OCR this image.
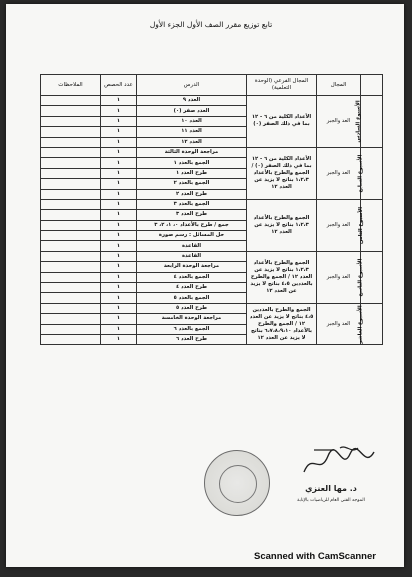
تابع توزيع مقرر الصف الأول الجزء الأول
	المجال	المجال الفرعي (الوحدة التعلمية)	الدرس	عدد الحصص	الملاحظات
الأسبوع السادس	العد والجبر	الأعداد الكلية من ٦ - ١٢ بما في ذلك الصفر (٠)	العدد ٩	١	
			العدد صفر (٠)	١	
			العدد ١٠	١	
			العدد ١١	١	
			العدد ١٢	١	
الأسبوع السابع	العد والجبر	الأعداد الكلية من ٦ - ١٢ بما في ذلك الصفر (٠) / الجمع والطرح بالأعداد ١،٢،٣ بناتج لا يزيد عن العدد ١٢	مراجعة الوحدة الثالثة	١	
			الجمع بالعدد ١	١	
			طرح العدد ١	١	
			الجمع بالعدد ٢	١	
			طرح العدد ٢	١	
الأسبوع الثامن	العد والجبر	الجمع والطرح بالأعداد ١،٢،٣ بناتج لا يزيد عن العدد ١٢	الجمع بالعدد ٣	١	
			طرح العدد ٣	١	
			جمع / طرح بالأعداد ٠، ١، ٢، ٣	١	
			حل المسائل : رسم صورة	١	
			القاعدة	١	
الأسبوع التاسع	العد والجبر	الجمع والطرح بالأعداد ١،٢،٣ بناتج لا يزيد عن العدد ١٢ / الجمع والطرح بالعددين ٤،٥ بناتج لا يزيد عن العدد ١٢	القاعدة	١	
			مراجعة الوحدة الرابعة	١	
			الجمع بالعدد ٤	١	
			طرح العدد ٤	١	
			الجمع بالعدد ٥	١	
الأسبوع العاشر	العد والجبر	الجمع والطرح بالعددين ٤،٥ بناتج لا يزيد عن العدد ١٢ / الجمع والطرح بالأعداد ٦،٧،٨،٩،١٠ بناتج لا يزيد عن العدد ١٢	طرح العدد ٥	١	
			مراجعة الوحدة الخامسة	١	
			الجمع بالعدد ٦	١	
			طرح العدد ٦	١	
د. مها العنزي
الموجه الفني العام للرياضيات بالإنابة
Scanned with CamScanner
